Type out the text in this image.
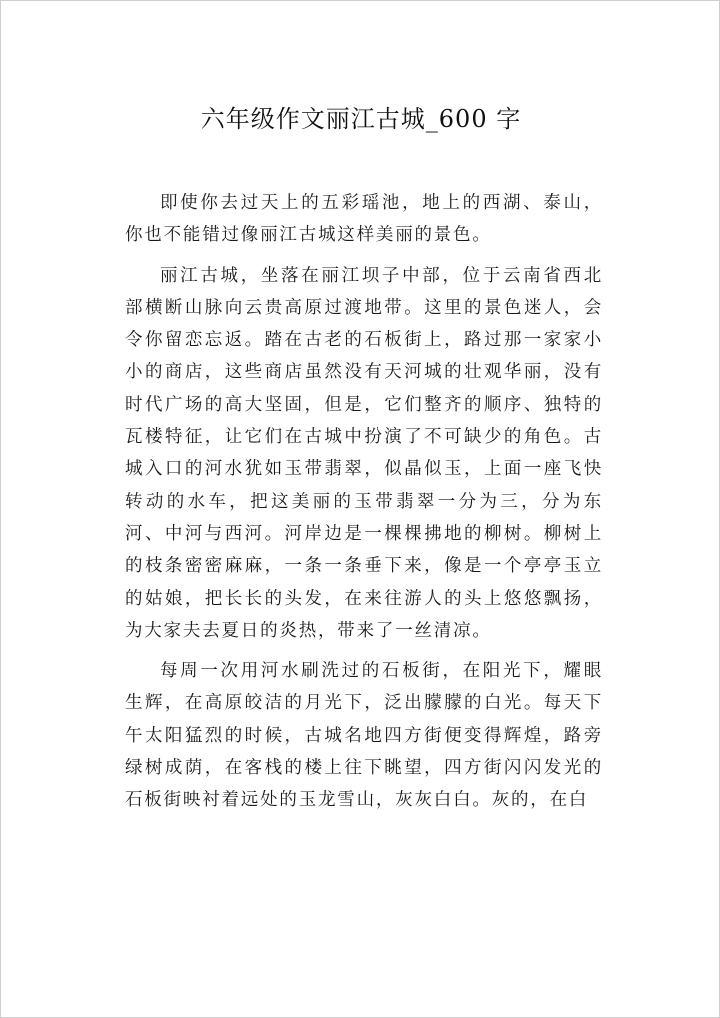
六年级作文丽江古城_600 字

即使你去过天上的五彩瑶池，地上的西湖、泰山，你也不能错过像丽江古城这样美丽的景色。

丽江古城，坐落在丽江坝子中部，位于云南省西北部横断山脉向云贵高原过渡地带。这里的景色迷人，会令你留恋忘返。踏在古老的石板街上，路过那一家家小小的商店，这些商店虽然没有天河城的壮观华丽，没有时代广场的高大坚固，但是，它们整齐的顺序、独特的瓦楼特征，让它们在古城中扮演了不可缺少的角色。古城入口的河水犹如玉带翡翠，似晶似玉，上面一座飞快转动的水车，把这美丽的玉带翡翠一分为三，分为东河、中河与西河。河岸边是一棵棵拂地的柳树。柳树上的枝条密密麻麻，一条一条垂下来，像是一个亭亭玉立的姑娘，把长长的头发，在来往游人的头上悠悠飘扬，为大家夫去夏日的炎热，带来了一丝清凉。

每周一次用河水刷洗过的石板街，在阳光下，耀眼生辉，在高原皎洁的月光下，泛出朦朦的白光。每天下午太阳猛烈的时候，古城名地四方街便变得辉煌，路旁绿树成荫，在客栈的楼上往下眺望，四方街闪闪发光的石板街映衬着远处的玉龙雪山，灰灰白白。灰的，在白
